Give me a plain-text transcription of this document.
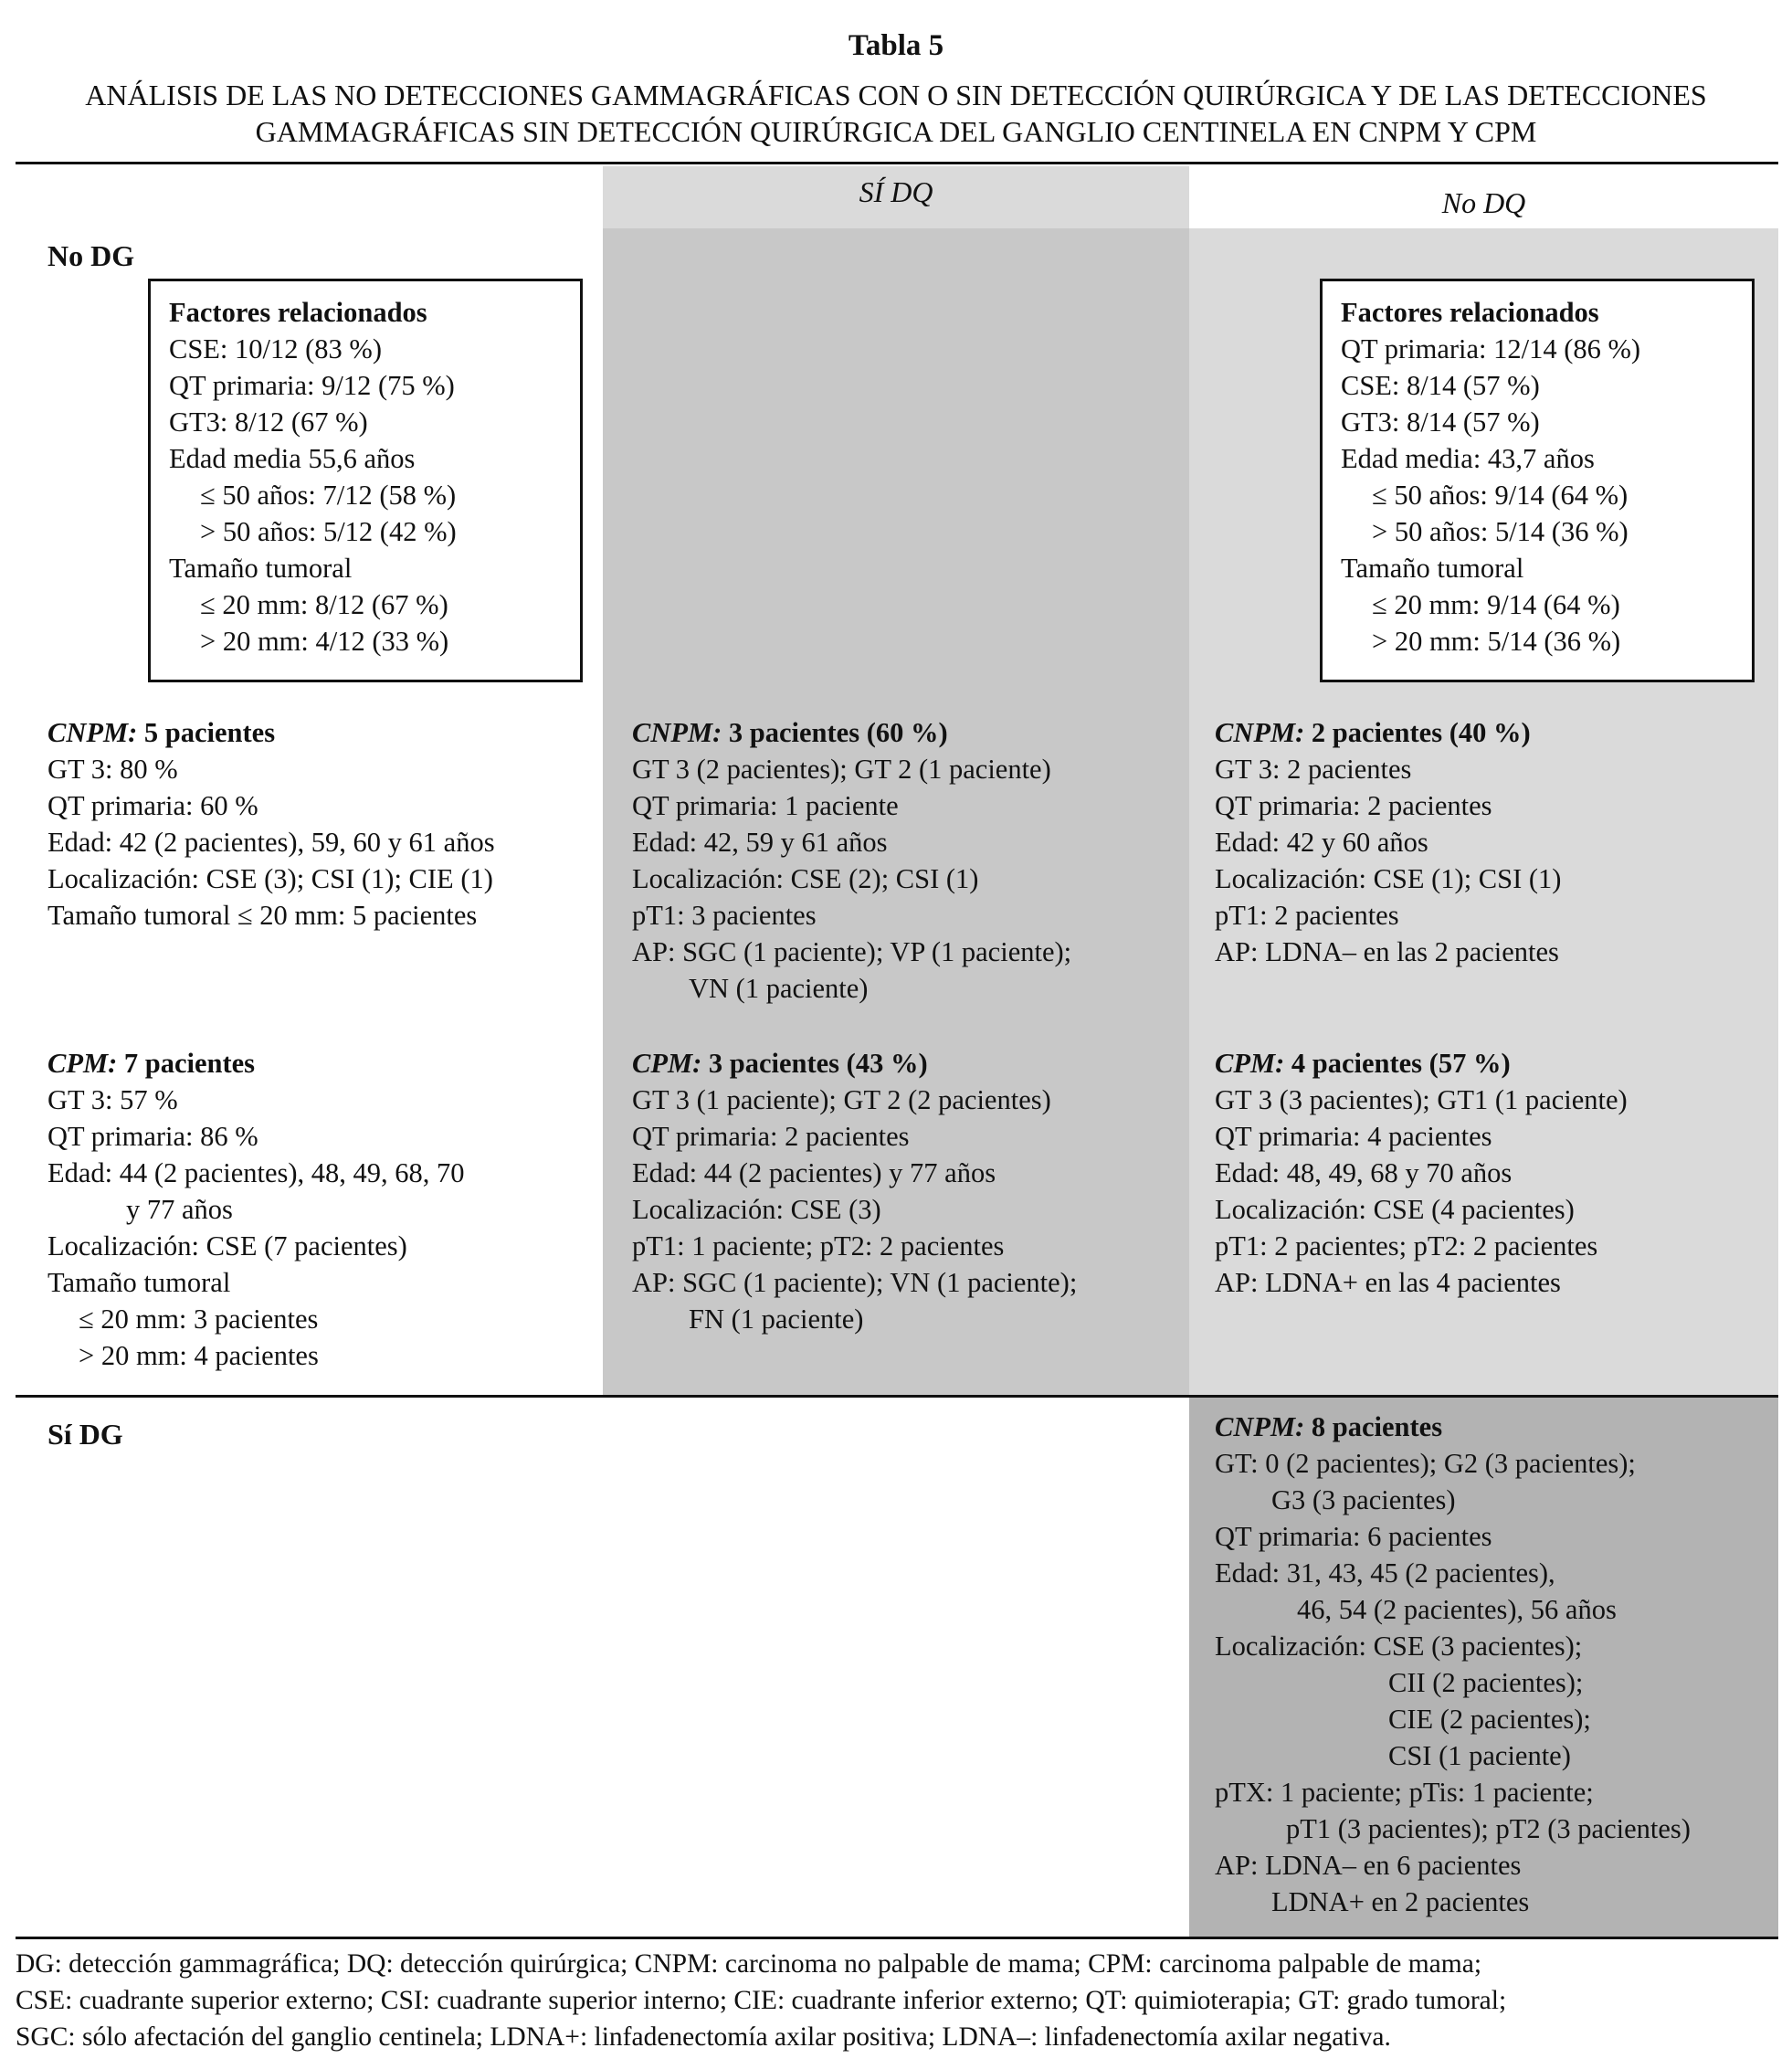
Tabla 5
ANÁLISIS DE LAS NO DETECCIONES GAMMAGRÁFICAS CON O SIN DETECCIÓN QUIRÚRGICA Y DE LAS DETECCIONES
GAMMAGRÁFICAS SIN DETECCIÓN QUIRÚRGICA DEL GANGLIO CENTINELA EN CNPM Y CPM
SÍ DQ	No DQ
No DG
Sí DG
Factores relacionados
CSE: 10/12 (83 %)
QT primaria: 9/12 (75 %)
GT3: 8/12 (67 %)
Edad media 55,6 años
≤ 50 años: 7/12 (58 %)
> 50 años: 5/12 (42 %)
Tamaño tumoral
≤ 20 mm: 8/12 (67 %)
> 20 mm: 4/12 (33 %)
Factores relacionados
QT primaria: 12/14 (86 %)
CSE: 8/14 (57 %)
GT3: 8/14 (57 %)
Edad media: 43,7 años
≤ 50 años: 9/14 (64 %)
> 50 años: 5/14 (36 %)
Tamaño tumoral
≤ 20 mm: 9/14 (64 %)
> 20 mm: 5/14 (36 %)
CNPM: 5 pacientes
GT 3: 80 %
QT primaria: 60 %
Edad: 42 (2 pacientes), 59, 60 y 61 años
Localización: CSE (3); CSI (1); CIE (1)
Tamaño tumoral ≤ 20 mm: 5 pacientes
CNPM: 3 pacientes (60 %)
GT 3 (2 pacientes); GT 2 (1 paciente)
QT primaria: 1 paciente
Edad: 42, 59 y 61 años
Localización: CSE (2); CSI (1)
pT1: 3 pacientes
AP: SGC (1 paciente); VP (1 paciente);
VN (1 paciente)
CNPM: 2 pacientes (40 %)
GT 3: 2 pacientes
QT primaria: 2 pacientes
Edad: 42 y 60 años
Localización: CSE (1); CSI (1)
pT1: 2 pacientes
AP: LDNA– en las 2 pacientes
CPM: 7 pacientes
GT 3: 57 %
QT primaria: 86 %
Edad: 44 (2 pacientes), 48, 49, 68, 70
y 77 años
Localización: CSE (7 pacientes)
Tamaño tumoral
≤ 20 mm: 3 pacientes
> 20 mm: 4 pacientes
CPM: 3 pacientes (43 %)
GT 3 (1 paciente); GT 2 (2 pacientes)
QT primaria: 2 pacientes
Edad: 44 (2 pacientes) y 77 años
Localización: CSE (3)
pT1: 1 paciente; pT2: 2 pacientes
AP: SGC (1 paciente); VN (1 paciente);
FN (1 paciente)
CPM: 4 pacientes (57 %)
GT 3 (3 pacientes); GT1 (1 paciente)
QT primaria: 4 pacientes
Edad: 48, 49, 68 y 70 años
Localización: CSE (4 pacientes)
pT1: 2 pacientes; pT2: 2 pacientes
AP: LDNA+ en las 4 pacientes
CNPM: 8 pacientes
GT: 0 (2 pacientes); G2 (3 pacientes);
G3 (3 pacientes)
QT primaria: 6 pacientes
Edad: 31, 43, 45 (2 pacientes),
46, 54 (2 pacientes), 56 años
Localización: CSE (3 pacientes);
CII (2 pacientes);
CIE (2 pacientes);
CSI (1 paciente)
pTX: 1 paciente; pTis: 1 paciente;
pT1 (3 pacientes); pT2 (3 pacientes)
AP: LDNA– en 6 pacientes
LDNA+ en 2 pacientes
DG: detección gammagráfica; DQ: detección quirúrgica; CNPM: carcinoma no palpable de mama; CPM: carcinoma palpable de mama;
CSE: cuadrante superior externo; CSI: cuadrante superior interno; CIE: cuadrante inferior externo; QT: quimioterapia; GT: grado tumoral;
SGC: sólo afectación del ganglio centinela; LDNA+: linfadenectomía axilar positiva; LDNA–: linfadenectomía axilar negativa.
